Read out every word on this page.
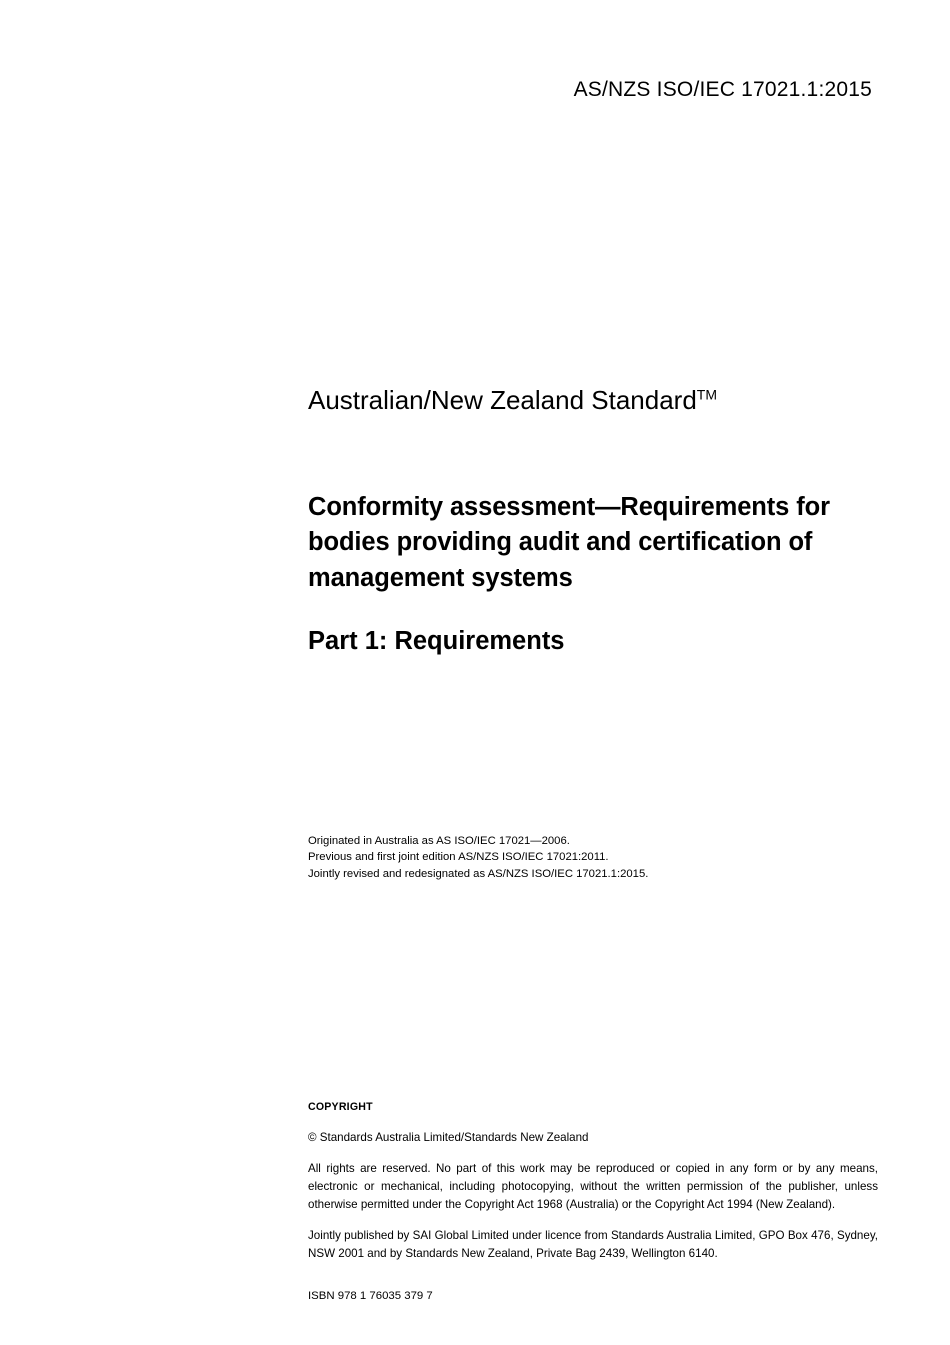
AS/NZS ISO/IEC 17021.1:2015
Australian/New Zealand Standard™
Conformity assessment—Requirements for bodies providing audit and certification of management systems
Part 1: Requirements
Originated in Australia as AS ISO/IEC 17021—2006.
Previous and first joint edition AS/NZS ISO/IEC 17021:2011.
Jointly revised and redesignated as AS/NZS ISO/IEC 17021.1:2015.

COPYRIGHT

© Standards Australia Limited/Standards New Zealand

All rights are reserved. No part of this work may be reproduced or copied in any form or by any means, electronic or mechanical, including photocopying, without the written permission of the publisher, unless otherwise permitted under the Copyright Act 1968 (Australia) or the Copyright Act 1994 (New Zealand).

Jointly published by SAI Global Limited under licence from Standards Australia Limited, GPO Box 476, Sydney, NSW 2001 and by Standards New Zealand, Private Bag 2439, Wellington 6140.

ISBN 978 1 76035 379 7
